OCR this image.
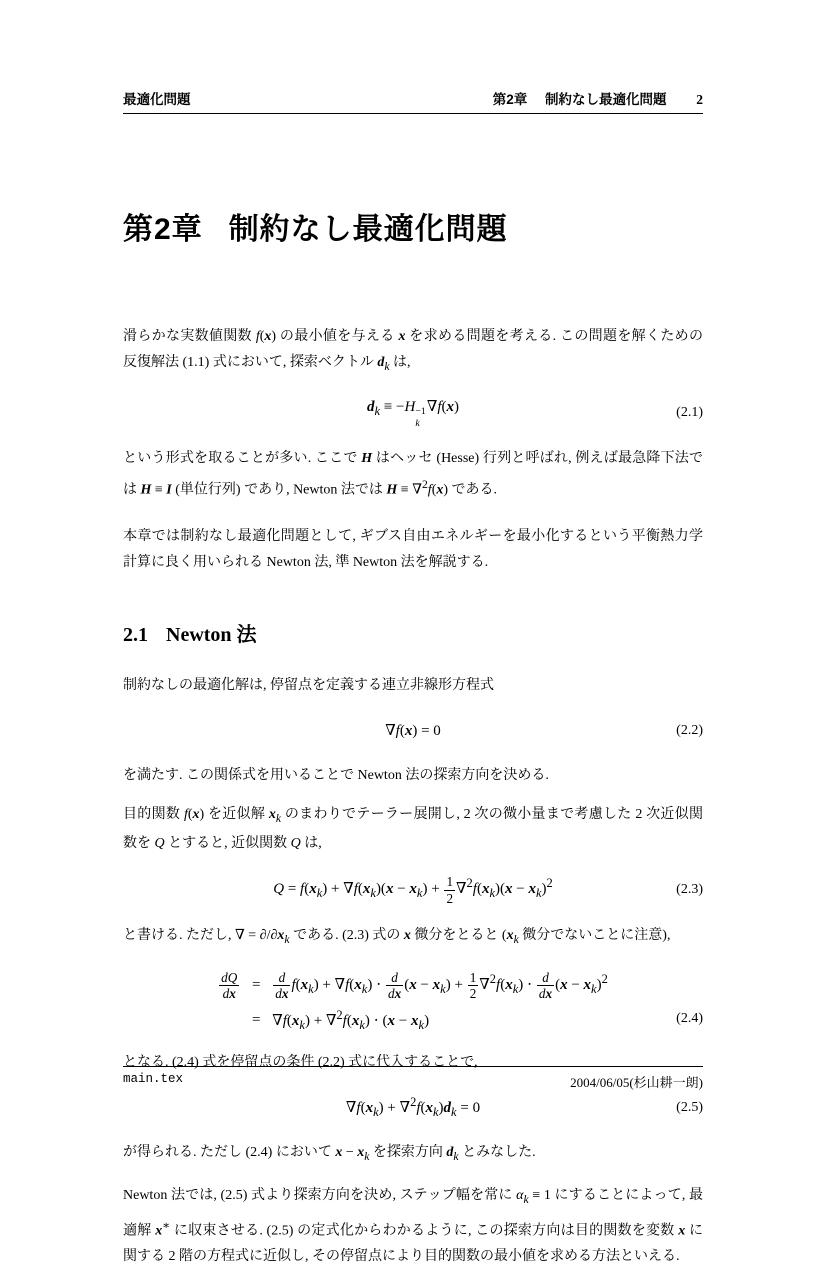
最適化問題	第2章 制約なし最適化問題 2
第2章 制約なし最適化問題

滑らかな実数値関数 f(x) の最小値を与える x を求める問題を考える. この問題を解くための反復解法 (1.1) 式において, 探索ベクトル $d_k$ は,

$d_k \equiv -H -1$
k
∇f(x)	(2.1)

という形式を取ることが多い. ここで H はヘッセ (Hesse) 行列と呼ばれ, 例えば最急降下法では H ≡ I (単位行列) であり, Newton 法では H ≡ ∇$^2$f(x) である.

本章では制約なし最適化問題として, ギブス自由エネルギーを最小化するという平衡熱力学計算に良く用いられる Newton 法, 準 Newton 法を解説する.

2.1 Newton 法

制約なしの最適化解は, 停留点を定義する連立非線形方程式

∇f(x) = 0	(2.2)

を満たす. この関係式を用いることで Newton 法の探索方向を決める.

目的関数 f(x) を近似解 $x_k$ のまわりでテーラー展開し, 2 次の微小量まで考慮した 2 次近似関数を Q とすると, 近似関数 Q は,

$Q = f(x_k) + \nabla f(x_k)(x - x_k) + \frac{1}{2} \nabla^2f(x_k)(x - x_k)^2$	(2.3)

と書ける. ただし, ∇ = $\partial/\partial x_k$ である. (2.3) 式の x 微分をとると ($x_k$ 微分でないことに注意),

$\frac{dQ}{dx} = \frac{d}{dx} f(x_k) + \nabla f(x_k) \cdot \frac{d}{dx} (x - x_k) + \frac{1}{2} \nabla^2f(x_k) \cdot \frac{d}{dx} (x - x_k)^2$
= $\nabla f(x_k) + \nabla^2f(x_k) \cdot (x - x_k)$	(2.4)

となる. (2.4) 式を停留点の条件 (2.2) 式に代入することで,

$\nabla f(x_k) + \nabla^2f(x_k)d_k = 0$	(2.5)

が得られる. ただし (2.4) において $x - x_k$ を探索方向 $d_k$ とみなした.

Newton 法では, (2.5) 式より探索方向を決め, ステップ幅を常に $\alpha_k \equiv 1$ にすることによって, 最適解 x∗ に収束させる. (2.5) の定式化からわかるように, この探索方向は目的関数を変数 x に関する 2 階の方程式に近似し, その停留点により目的関数の最小値を求める方法といえる.

main.tex	2004/06/05(杉山耕一朗)
